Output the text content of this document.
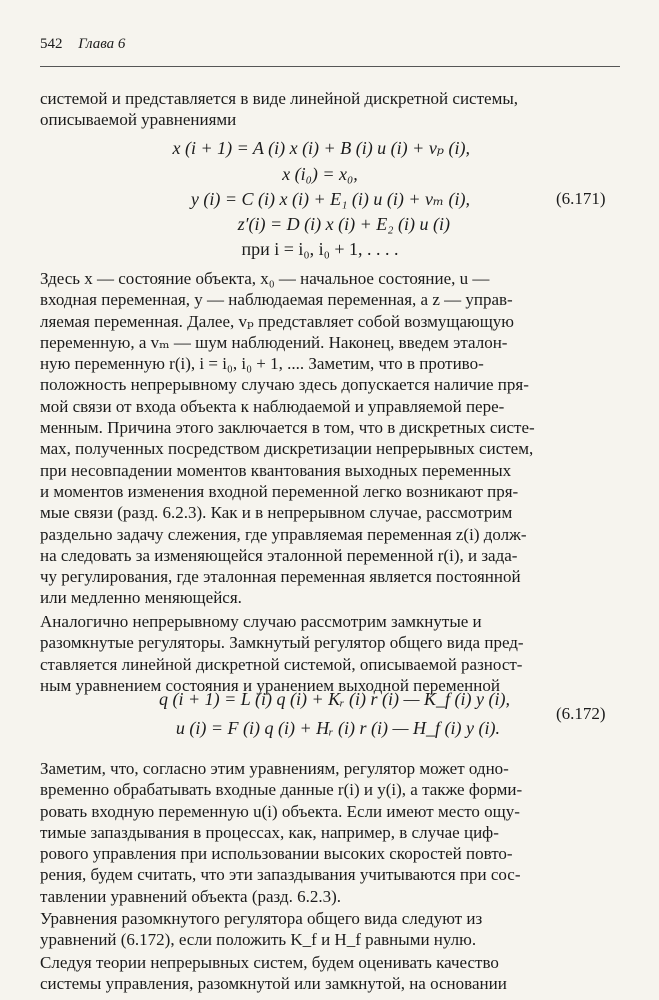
542 Глава 6
системой и представляется в виде линейной дискретной системы,
описываемой уравнениями
x (i + 1) = A (i) x (i) + B (i) u (i) + vₚ (i),
x (i₀) = x₀,
y (i) = C (i) x (i) + E₁ (i) u (i) + vₘ (i),
z′(i) = D (i) x (i) + E₂ (i) u (i)
при i = i₀, i₀ + 1, . . . .
(6.171)
Здесь x — состояние объекта, x₀ — начальное состояние, u —
входная переменная, y — наблюдаемая переменная, а z — управ-
ляемая переменная. Далее, vₚ представляет собой возмущающую
переменную, а vₘ — шум наблюдений. Наконец, введем эталон-
ную переменную r(i), i = i₀, i₀ + 1, .... Заметим, что в противо-
положность непрерывному случаю здесь допускается наличие пря-
мой связи от входа объекта к наблюдаемой и управляемой пере-
менным. Причина этого заключается в том, что в дискретных систе-
мах, полученных посредством дискретизации непрерывных систем,
при несовпадении моментов квантования выходных переменных
и моментов изменения входной переменной легко возникают пря-
мые связи (разд. 6.2.3). Как и в непрерывном случае, рассмотрим
раздельно задачу слежения, где управляемая переменная z(i) долж-
на следовать за изменяющейся эталонной переменной r(i), и зада-
чу регулирования, где эталонная переменная является постоянной
или медленно меняющейся.
Аналогично непрерывному случаю рассмотрим замкнутые и
разомкнутые регуляторы. Замкнутый регулятор общего вида пред-
ставляется линейной дискретной системой, описываемой разност-
ным уравнением состояния и уранением выходной переменной
q (i + 1) = L (i) q (i) + Kᵣ (i) r (i) — K_f (i) y (i),
u (i) = F (i) q (i) + Hᵣ (i) r (i) — H_f (i) y (i).
(6.172)
Заметим, что, согласно этим уравнениям, регулятор может одно-
временно обрабатывать входные данные r(i) и y(i), а также форми-
ровать входную переменную u(i) объекта. Если имеют место ощу-
тимые запаздывания в процессах, как, например, в случае циф-
рового управления при использовании высоких скоростей повто-
рения, будем считать, что эти запаздывания учитываются при сос-
тавлении уравнений объекта (разд. 6.2.3).
Уравнения разомкнутого регулятора общего вида следуют из
уравнений (6.172), если положить K_f и H_f равными нулю.
Следуя теории непрерывных систем, будем оценивать качество
системы управления, разомкнутой или замкнутой, на основании
